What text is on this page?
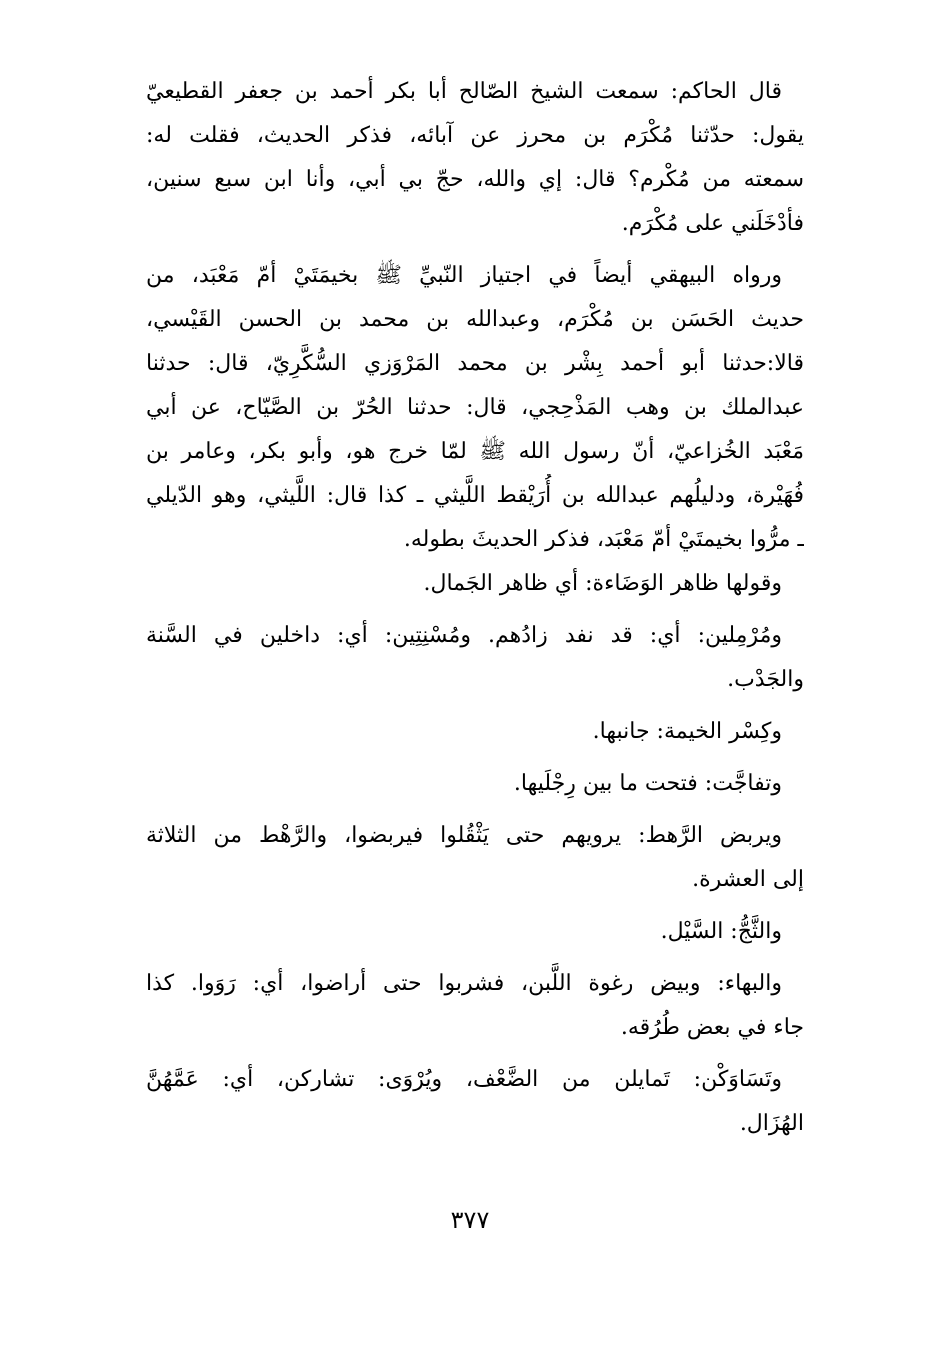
قال الحاكم: سمعت الشيخ الصّالح أبا بكر أحمد بن جعفر القطيعيّ
يقول: حدّثنا مُكْرَم بن محرز عن آبائه، فذكر الحديث، فقلت له:
سمعته من مُكْرم؟ قال: إي والله، حجّ بي أبي، وأنا ابن سبع سنين،
فأدْخَلَني على مُكْرَم.
ورواه البيهقي أيضاً في اجتياز النّبيِّ ﷺ بخيمَتَيْ أمّ مَعْبَد، من
حديث الحَسَن بن مُكْرَم، وعبدالله بن محمد بن الحسن القَيْسي،
قالا:حدثنا أبو أحمد بِشْر بن محمد المَرْوَزي السُّكَّرِيّ، قال: حدثنا
عبدالملك بن وهب المَذْحِجي، قال: حدثنا الحُرّ بن الصَّيّاح، عن أبي
مَعْبَد الخُزاعيّ، أنّ رسول الله ﷺ لمّا خرج هو، وأبو بكر، وعامر بن
فُهَيْرة، ودليلُهم عبدالله بن أُرَيْقط اللَّيثي ـ كذا قال: اللَّيثي، وهو الدّيلي
ـ مرُّوا بخيمتَيْ أمّ مَعْبَد، فذكر الحديثَ بطوله.
وقولها ظاهر الوَضَاءة: أي ظاهر الجَمال.
ومُرْمِلين: أي: قد نفد زادُهم. ومُسْنِتِين: أي: داخلين في السَّنة
والجَدْب.
وكِسْر الخيمة: جانبها.
وتفاجَّت: فتحت ما بين رِجْلَيها.
ويربض الرَّهط: يرويهم حتى يَثْقُلوا فيربضوا، والرَّهْط من الثلاثة
إلى العشرة.
والثَّجُّ: السَّيْل.
والبهاء: وبيض رغوة اللَّبن، فشربوا حتى أراضوا، أي: رَوَوا. كذا
جاء في بعض طُرُقه.
وتَسَاوَكْن: تَمايلن من الضَّعْف، ويُرْوَى: تشاركن، أي: عَمَّهُنَّ
الهُزَال.
٣٧٧
